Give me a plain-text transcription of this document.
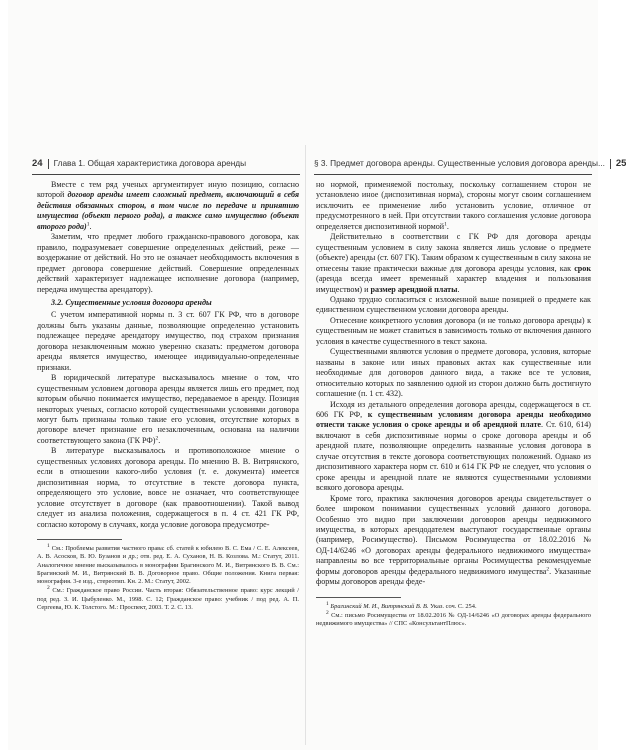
24 Глава 1. Общая характеристика договора аренды	§ 3. Предмет договора аренды. Существенные условия договора аренды... 25

Вместе с тем ряд ученых аргументирует иную позицию, согласно которой договор аренды имеет сложный предмет, включающий в себя действия обязанных сторон, в том числе по передаче и принятию имущества (объект первого рода), а также само имущество (объект второго рода)$^1$.

Заметим, что предмет любого гражданско-правового договора, как правило, подразумевает совершение определенных действий, реже — воздержание от действий. Но это не означает необходимость включения в предмет договора совершение действий. Совершение определенных действий характеризует надлежащее исполнение договора (например, передача имущества арендатору).

3.2. Существенные условия договора аренды

С учетом императивной нормы п. 3 ст. 607 ГК РФ, что в договоре должны быть указаны данные, позволяющие определенно установить подлежащее передаче арендатору имущество, под страхом признания договора незаключенным можно уверенно сказать: предметом договора аренды является имущество, имеющее индивидуально-определенные признаки.

В юридической литературе высказывалось мнение о том, что существенным условием договора аренды является лишь его предмет, под которым обычно понимается имущество, передаваемое в аренду. Позиция некоторых ученых, согласно которой существенными условиями договора могут быть признаны только такие его условия, отсутствие которых в договоре влечет признание его незаключенным, основана на наличии соответствующего закона (ГК РФ)$^2$.

В литературе высказывалось и противоположное мнение о существенных условиях договора аренды. По мнению В. В. Витрянского, если в отношении какого-либо условия (т. е. документа) имеется диспозитивная норма, то отсутствие в тексте договора пункта, определяющего это условие, вовсе не означает, что соответствующее условие отсутствует в договоре (как правоотношении). Такой вывод следует из анализа положения, содержащегося в п. 4 ст. 421 ГК РФ, согласно которому в случаях, когда условие договора предусмотре-

$^1$ См.: Проблемы развития частного права: сб. статей к юбилею В. С. Ема / С. Е. Алексеев, А. В. Асосков, В. Ю. Бузанов и др.; отв. ред. Е. А. Суханов, Н. В. Козлова. М.: Статут, 2011. Аналогичное мнение высказывалось в монографии Брагинского М. И., Витрянского В. В. См.: Брагинский М. И., Витрянский В. В. Договорное право. Общие положения. Книга первая: монография. 3-е изд., стереотип. Кн. 2. М.: Статут, 2002.

$^2$ См.: Гражданское право России. Часть вторая: Обязательственное право: курс лекций / под ред. З. И. Цыбуленко. М., 1998. С. 12; Гражданское право: учебник / под ред. А. П. Сергеева, Ю. К. Толстого. М.: Проспект, 2003. Т. 2. С. 13.

но нормой, применяемой постольку, поскольку соглашением сторон не установлено иное (диспозитивная норма), стороны могут своим соглашением исключить ее применение либо установить условие, отличное от предусмотренного в ней. При отсутствии такого соглашения условие договора определяется диспозитивной нормой$^1$.

Действительно в соответствии с ГК РФ для договора аренды существенным условием в силу закона является лишь условие о предмете (объекте) аренды (ст. 607 ГК). Таким образом к существенным в силу закона не отнесены такие практически важные для договора аренды условия, как срок (аренда всегда имеет временный характер владения и пользования имуществом) и размер арендной платы.

Однако трудно согласиться с изложенной выше позицией о предмете как единственном существенном условии договора аренды.

Отнесение конкретного условия договора (и не только договора аренды) к существенным не может ставиться в зависимость только от включения данного условия в качестве существенного в текст закона.

Существенными являются условия о предмете договора, условия, которые названы в законе или иных правовых актах как существенные или необходимые для договоров данного вида, а также все те условия, относительно которых по заявлению одной из сторон должно быть достигнуто соглашение (п. 1 ст. 432).

Исходя из детального определения договора аренды, содержащегося в ст. 606 ГК РФ, к существенным условиям договора аренды необходимо отнести также условия о сроке аренды и об арендной плате. Ст. 610, 614) включают в себя диспозитивные нормы о сроке договора аренды и об арендной плате, позволяющие определить названные условия договора в случае отсутствия в тексте договора соответствующих положений. Однако из диспозитивного характера норм ст. 610 и 614 ГК РФ не следует, что условия о сроке аренды и арендной плате не являются существенными условиями всякого договора аренды.

Кроме того, практика заключения договоров аренды свидетельствует о более широком понимании существенных условий данного договора. Особенно это видно при заключении договоров аренды недвижимого имущества, в которых арендодателем выступают государственные органы (например, Росимущество). Письмом Росимущества от 18.02.2016 № ОД-14/6246 «О договорах аренды федерального недвижимого имущества» направлены во все территориальные органы Росимущества рекомендуемые формы договоров аренды федерального недвижимого имущества$^2$. Указанные формы договоров аренды феде-

$^1$ Брагинский М. И., Витрянский В. В. Указ. соч. С. 254.

$^2$ См.: письмо Росимущества от 18.02.2016 № ОД-14/6246 «О договорах аренды федерального недвижимого имущества» // СПС «КонсультантПлюс».
